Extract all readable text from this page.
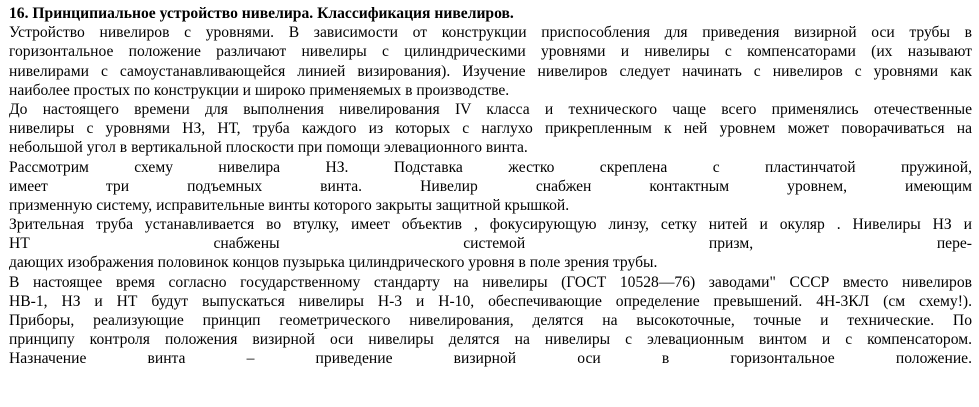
16. Принципиальное устройство нивелира. Классификация нивелиров.
Устройство нивелиров с уровнями. В зависимости от конструкции приспособления для приведения визирной оси трубы в
горизонтальное положение различают нивелиры с цилиндрическими уровнями и нивелиры с компенсаторами (их называют
нивелирами с самоустанавливающейся линией визирования). Изучение нивелиров следует начинать с нивелиров с уровнями как
наиболее простых по конструкции и широко применяемых в производстве.
До настоящего времени для выполнения нивелирования IV класса и технического чаще всего применялись отечественные
нивелиры с уровнями НЗ, НТ, труба каждого из которых с наглухо прикрепленным к ней уровнем может поворачиваться на
небольшой угол в вертикальной плоскости при помощи элевационного винта.
Рассмотрим схему нивелира НЗ. Подставка жестко скреплена с пластинчатой пружиной,
имеет три подъемных винта. Нивелир снабжен контактным уровнем, имеющим
призменную систему, исправительные винты которого закрыты защитной крышкой.
Зрительная труба устанавливается во втулку, имеет объектив , фокусирующую линзу, сетку нитей и окуляр . Нивелиры НЗ и
НТ снабжены системой призм, пере-
дающих изображения половинок концов пузырька цилиндрического уровня в поле зрения трубы.
В настоящее время согласно государственному стандарту на нивелиры (ГОСТ 10528—76) заводами" СССР вместо нивелиров
НВ-1, НЗ и НТ будут выпускаться нивелиры Н-3 и Н-10, обеспечивающие определение превышений. 4Н-3КЛ (см схему!).
Приборы, реализующие принцип геометрического нивелирования, делятся на высокоточные, точные и технические. По
принципу контроля положения визирной оси нивелиры делятся на нивелиры с элевационным винтом и с компенсатором.
Назначение винта – приведение визирной оси в горизонтальное положение.
